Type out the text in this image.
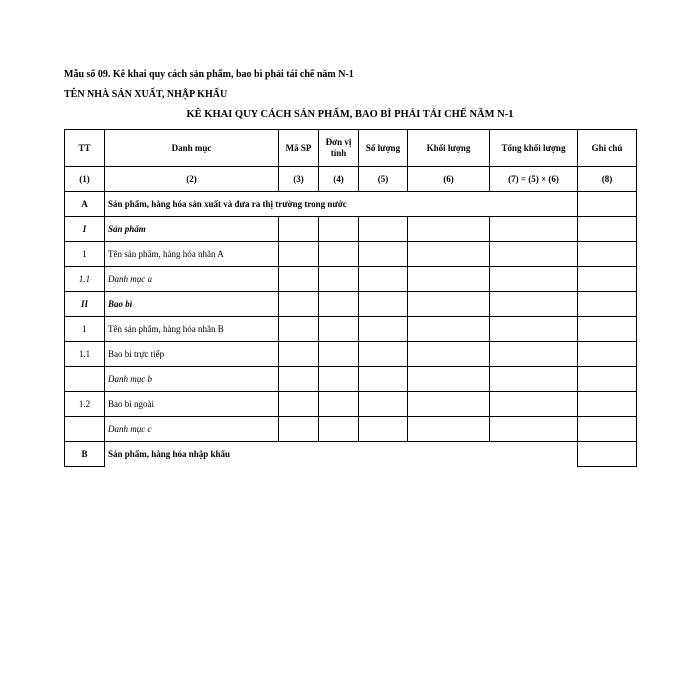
Mẫu số 09. Kê khai quy cách sản phẩm, bao bì phải tái chế năm N-1
TÊN NHÀ SẢN XUẤT, NHẬP KHẨU
KÊ KHAI QUY CÁCH SẢN PHẨM, BAO BÌ PHẢI TÁI CHẾ NĂM N-1
TT	Danh mục	Mã SP	Đơn vị tính	Số lượng	Khối lượng	Tổng khối lượng	Ghi chú
(1)	(2)	(3)	(4)	(5)	(6)	(7) = (5) × (6)	(8)
A	Sản phẩm, hàng hóa sản xuất và đưa ra thị trường trong nước						
I	Sản phẩm						
1	Tên sản phẩm, hàng hóa nhãn A						
1.1	Danh mục a						
II	Bao bì						
1	Tên sản phẩm, hàng hóa nhãn B						
1.1	Bao bì trực tiếp						
	Danh mục b						
1.2	Bao bì ngoài						
	Danh mục c						
B	Sản phẩm, hàng hóa nhập khẩu						
